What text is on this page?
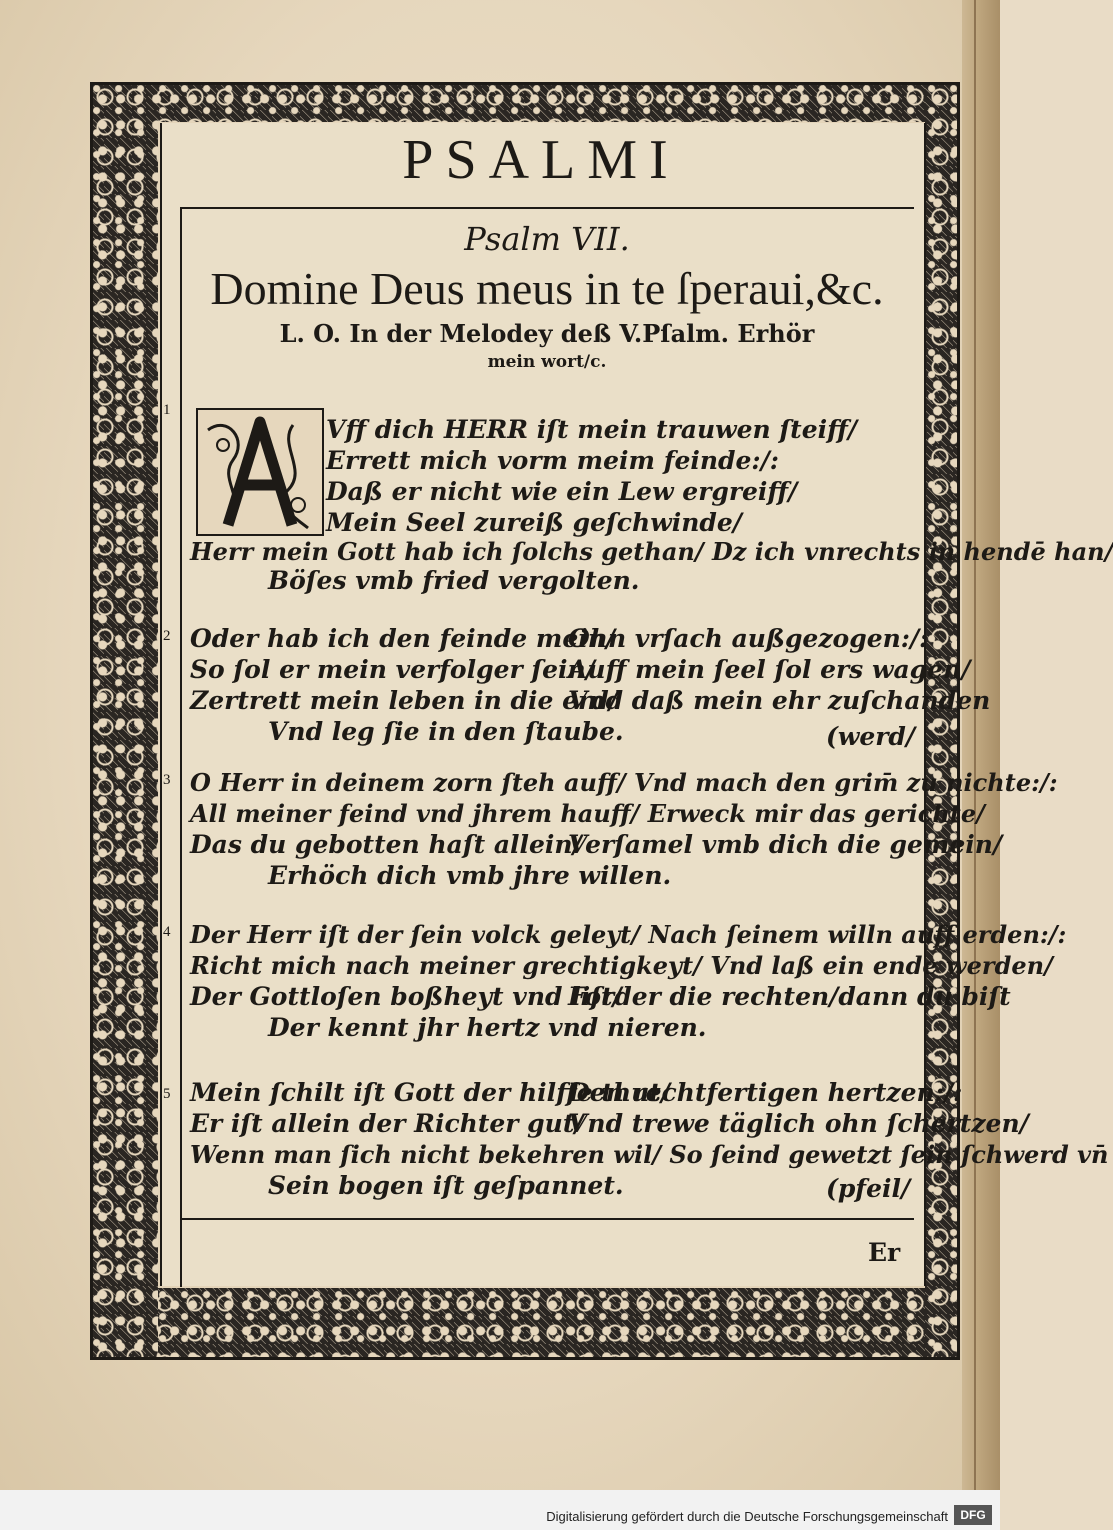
PSALMI
Psalm VII.
Domine Deus meus in te ſperaui,&c.
L. O. In der Melodey deß V.Pſalm. Erhör
mein wort/c.
1
2
3
4
5
Vff dich HERR iſt mein trauwen ſteiff/
Errett mich vorm meim feinde:/:
Daß er nicht wie ein Lew ergreiff/
Mein Seel zureiß geſchwinde/
Herr mein Gott hab ich ſolchs gethan/ Dz ich vnrechts in hendē han/
Böſes vmb fried vergolten.
Oder hab ich den feinde mein/
Ohn vrſach außgezogen:/:
So ſol er mein verfolger ſein/
Auff mein ſeel ſol ers wagen/
Zertrett mein leben in die erd/
Vnd daß mein ehr zuſchanden
Vnd leg ſie in den ſtaube.	(werd/
O Herr in deinem zorn ſteh auff/ Vnd mach den grim̄ zu nichte:/:
All meiner feind vnd jhrem hauff/ Erweck mir das gerichte/
Das du gebotten haſt allein/
Verſamel vmb dich die gemein/
Erhöch dich vmb jhre willen.
Der Herr iſt der ſein volck geleyt/ Nach ſeinem willn auff erden:/:
Richt mich nach meiner grechtigkeyt/ Vnd laß ein ende werden/
Der Gottloſen boßheyt vnd liſt/
Forder die rechten/dann du biſt
Der kennt jhr hertz vnd nieren.
Mein ſchilt iſt Gott der hilffe thut/
Den rechtfertigen hertzen:/:
Er iſt allein der Richter gut/
Vnd trewe täglich ohn ſchertzen/
Wenn man ſich nicht bekehren wil/ So ſeind gewetzt ſein ſchwerd vn̄
Sein bogen iſt geſpannet.	(pfeil/
Er
Digitalisierung gefördert durch die Deutsche Forschungsgemeinschaft	DFG
